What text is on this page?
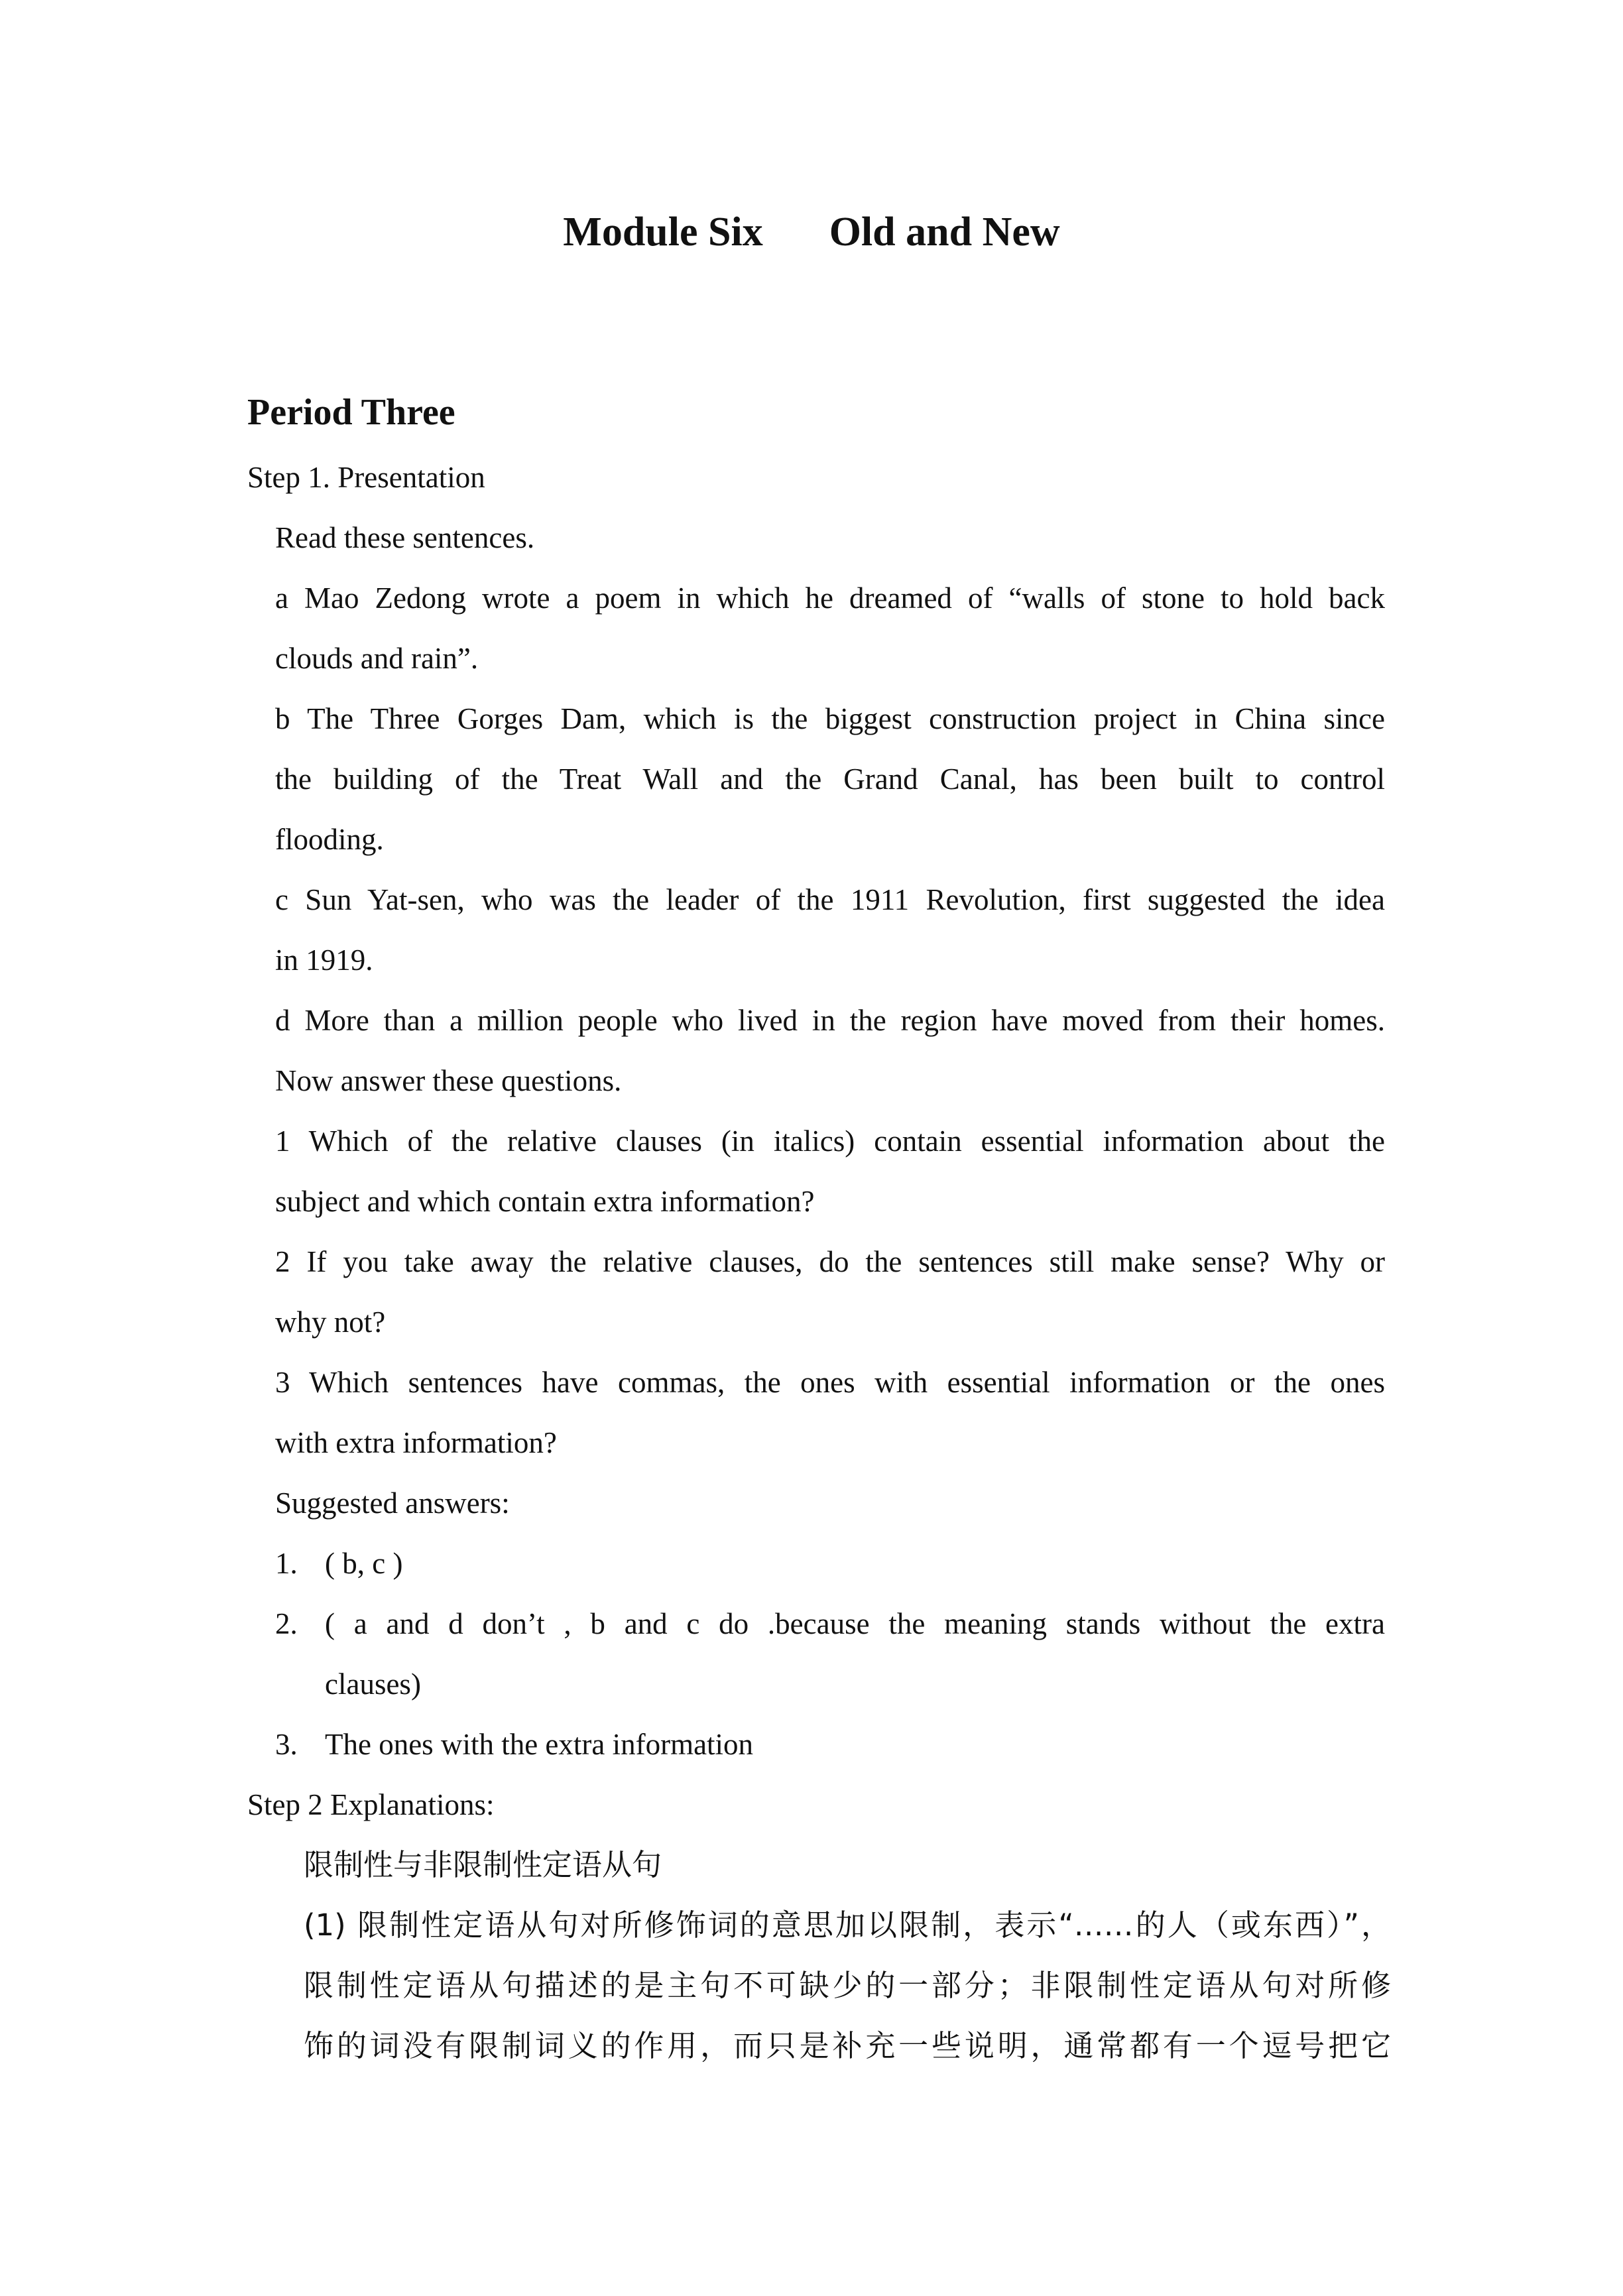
Module Six Old and New
Period Three
Step 1. Presentation
Read these sentences.
a Mao Zedong wrote a poem in which he dreamed of “walls of stone to hold back
clouds and rain”.
b The Three Gorges Dam, which is the biggest construction project in China since
the building of the Treat Wall and the Grand Canal, has been built to control
flooding.
c Sun Yat-sen, who was the leader of the 1911 Revolution, first suggested the idea
in 1919.
d More than a million people who lived in the region have moved from their homes.
Now answer these questions.
1 Which of the relative clauses (in italics) contain essential information about the
subject and which contain extra information?
2 If you take away the relative clauses, do the sentences still make sense? Why or
why not?
3 Which sentences have commas, the ones with essential information or the ones
with extra information?
Suggested answers:
1. ( b, c )
2. ( a and d don’t , b and c do .because the meaning stands without the extra
clauses)
3. The ones with the extra information
Step 2 Explanations:
限制性与非限制性定语从句
(1) 限制性定语从句对所修饰词的意思加以限制，表示“……的人（或东西）”，
限制性定语从句描述的是主句不可缺少的一部分；非限制性定语从句对所修
饰的词没有限制词义的作用，而只是补充一些说明，通常都有一个逗号把它
